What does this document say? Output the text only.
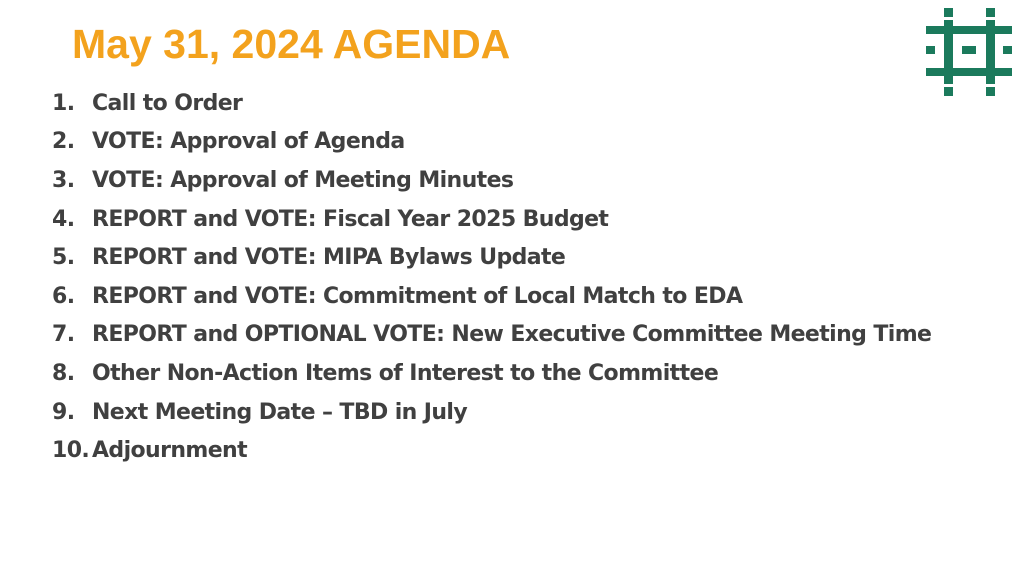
May 31, 2024 AGENDA
1. Call to Order
2. VOTE: Approval of Agenda
3. VOTE: Approval of Meeting Minutes
4. REPORT and VOTE: Fiscal Year 2025 Budget
5. REPORT and VOTE: MIPA Bylaws Update
6. REPORT and VOTE: Commitment of Local Match to EDA
7. REPORT and OPTIONAL VOTE: New Executive Committee Meeting Time
8. Other Non-Action Items of Interest to the Committee
9. Next Meeting Date – TBD in July
10. Adjournment
